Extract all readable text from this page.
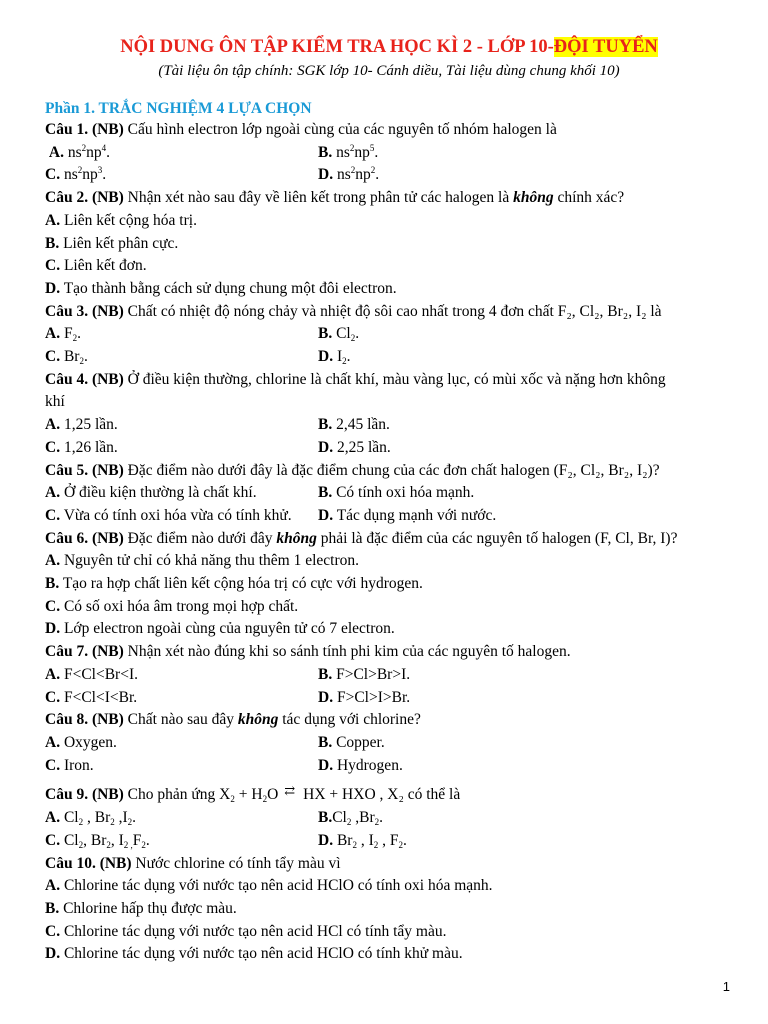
NỘI DUNG ÔN TẬP KIỂM TRA HỌC KÌ 2 - LỚP 10-ĐỘI TUYỂN
(Tài liệu ôn tập chính: SGK lớp 10- Cánh diều, Tài liệu dùng chung khối 10)
Phần 1. TRẮC NGHIỆM 4 LỰA CHỌN
Câu 1. (NB) Cấu hình electron lớp ngoài cùng của các nguyên tố nhóm halogen là
A. $ns^2np^4$.	B. $ns^2np^5$.
C. $ns^2np^3$.	D. $ns^2np^2$.
Câu 2. (NB) Nhận xét nào sau đây về liên kết trong phân tử các halogen là không chính xác?
A. Liên kết cộng hóa trị.
B. Liên kết phân cực.
C. Liên kết đơn.
D. Tạo thành bằng cách sử dụng chung một đôi electron.
Câu 3. (NB) Chất có nhiệt độ nóng chảy và nhiệt độ sôi cao nhất trong 4 đơn chất F₂, Cl₂, Br₂, I₂ là
A. $F_2$.	B. $Cl_2$.
C. $Br_2$.	D. $I_2$.
Câu 4. (NB) Ở điều kiện thường, chlorine là chất khí, màu vàng lục, có mùi xốc và nặng hơn không
khí
A. 1,25 lần.	B. 2,45 lần.
C. 1,26 lần.	D. 2,25 lần.
Câu 5. (NB) Đặc điểm nào dưới đây là đặc điểm chung của các đơn chất halogen (F₂, Cl₂, Br₂, I₂)?
A. Ở điều kiện thường là chất khí.	B. Có tính oxi hóa mạnh.
C. Vừa có tính oxi hóa vừa có tính khử.	D. Tác dụng mạnh với nước.
Câu 6. (NB) Đặc điểm nào dưới đây không phải là đặc điểm của các nguyên tố halogen (F, Cl, Br, I)?
A. Nguyên tử chỉ có khả năng thu thêm 1 electron.
B. Tạo ra hợp chất liên kết cộng hóa trị có cực với hydrogen.
C. Có số oxi hóa âm trong mọi hợp chất.
D. Lớp electron ngoài cùng của nguyên tử có 7 electron.
Câu 7. (NB) Nhận xét nào đúng khi so sánh tính phi kim của các nguyên tố halogen.
A. F<Cl<Br<I.	B. F>Cl>Br>I.
C. F<Cl<I<Br.	D. F>Cl>I>Br.
Câu 8. (NB) Chất nào sau đây không tác dụng với chlorine?
A. Oxygen.	B. Copper.
C. Iron.	D. Hydrogen.
Câu 9. (NB) Cho phản ứng $X_2 + H_2O$ ⇄ HX + HXO , X₂ có thể là
A. $Cl_2$ , $Br_2$ $,I_2$.	$B.Cl_2$ $,Br_2$.
C. $Cl_2$, $Br_2$, $I_{2 ,}F_2$.	D. $Br_2$ , $I_2$ , $F_2$.
Câu 10. (NB) Nước chlorine có tính tẩy màu vì
A. Chlorine tác dụng với nước tạo nên acid HClO có tính oxi hóa mạnh.
B. Chlorine hấp thụ được màu.
C. Chlorine tác dụng với nước tạo nên acid HCl có tính tẩy màu.
D. Chlorine tác dụng với nước tạo nên acid HClO có tính khử màu.
1
